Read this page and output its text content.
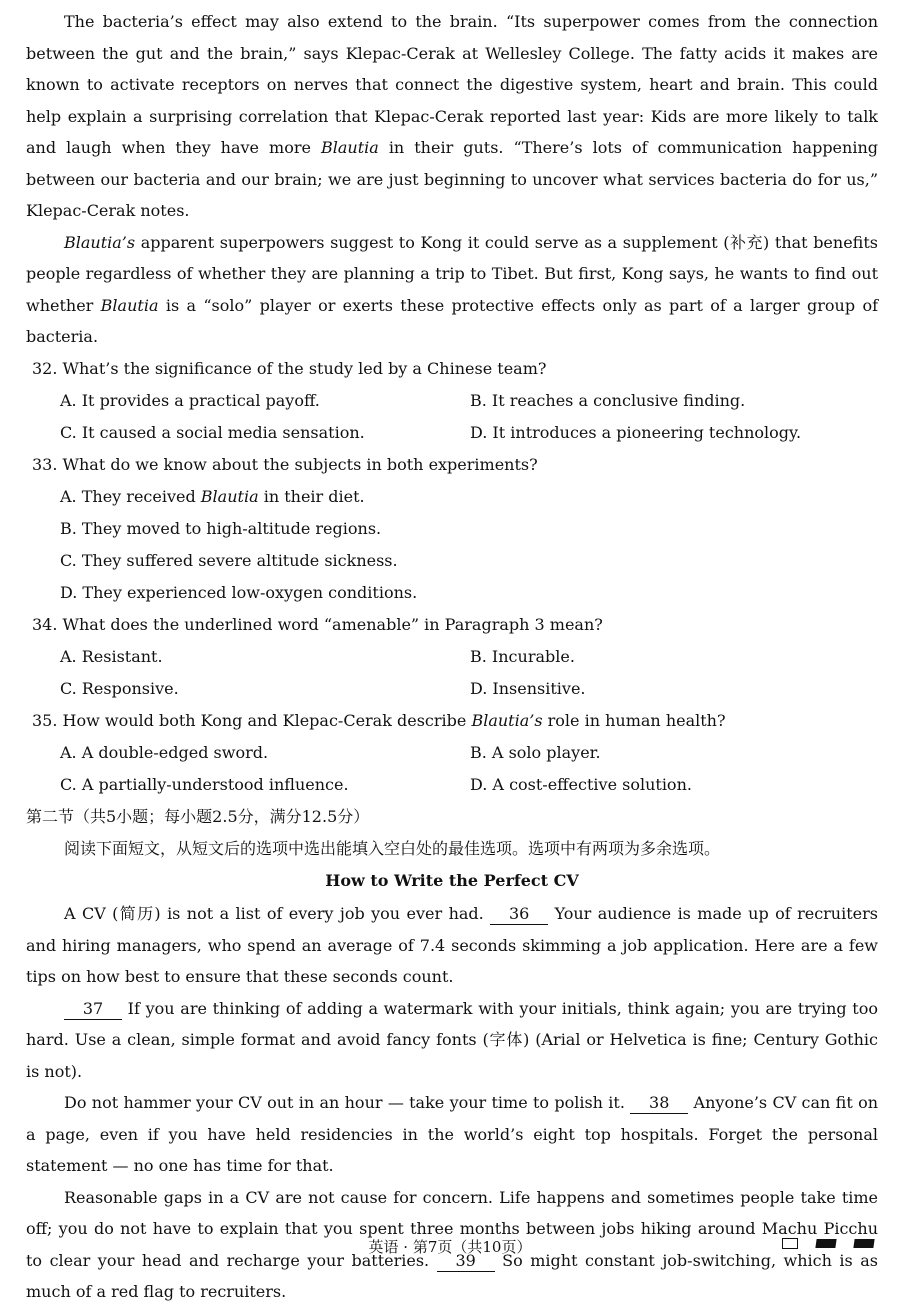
The bacteria’s effect may also extend to the brain. “Its superpower comes from the connection between the gut and the brain,” says Klepac-Cerak at Wellesley College. The fatty acids it makes are known to activate receptors on nerves that connect the digestive system, heart and brain. This could help explain a surprising correlation that Klepac-Cerak reported last year: Kids are more likely to talk and laugh when they have more Blautia in their guts. “There’s lots of communication happening between our bacteria and our brain; we are just beginning to uncover what services bacteria do for us,” Klepac-Cerak notes.

Blautia’s apparent superpowers suggest to Kong it could serve as a supplement (补充) that benefits people regardless of whether they are planning a trip to Tibet. But first, Kong says, he wants to find out whether Blautia is a “solo” player or exerts these protective effects only as part of a larger group of bacteria.

32. What’s the significance of the study led by a Chinese team?

A. It provides a practical payoff.	B. It reaches a conclusive finding.
C. It caused a social media sensation.	D. It introduces a pioneering technology.

33. What do we know about the subjects in both experiments?

A. They received Blautia in their diet.
B. They moved to high-altitude regions.
C. They suffered severe altitude sickness.
D. They experienced low-oxygen conditions.

34. What does the underlined word “amenable” in Paragraph 3 mean?

A. Resistant.	B. Incurable.
C. Responsive.	D. Insensitive.

35. How would both Kong and Klepac-Cerak describe Blautia’s role in human health?

A. A double-edged sword.	B. A solo player.
C. A partially-understood influence.	D. A cost-effective solution.

第二节（共5小题；每小题2.5分，满分12.5分）

阅读下面短文，从短文后的选项中选出能填入空白处的最佳选项。选项中有两项为多余选项。

How to Write the Perfect CV

A CV (简历) is not a list of every job you ever had. 36 Your audience is made up of recruiters and hiring managers, who spend an average of 7.4 seconds skimming a job application. Here are a few tips on how best to ensure that these seconds count.

37 If you are thinking of adding a watermark with your initials, think again; you are trying too hard. Use a clean, simple format and avoid fancy fonts (字体) (Arial or Helvetica is fine; Century Gothic is not).

Do not hammer your CV out in an hour — take your time to polish it. 38 Anyone’s CV can fit on a page, even if you have held residencies in the world’s eight top hospitals. Forget the personal statement — no one has time for that.

Reasonable gaps in a CV are not cause for concern. Life happens and sometimes people take time off; you do not have to explain that you spent three months between jobs hiking around Machu Picchu to clear your head and recharge your batteries. 39 So might constant job-switching, which is as much of a red flag to recruiters.

英语 · 第7页（共10页）
